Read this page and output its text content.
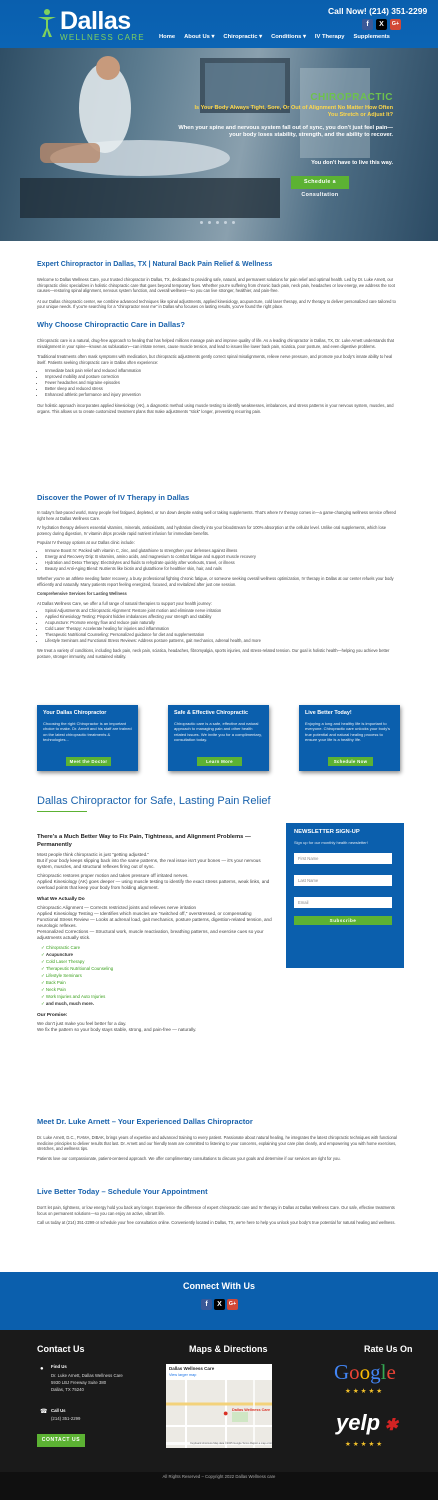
Dallas
WELLNESS CARE
Call Now! (214) 351-2299
f	X	G+
Home About Us ▾ Chiropractic ▾ Conditions ▾ IV Therapy Supplements
CHIROPRACTIC
Is Your Body Always Tight, Sore, Or Out of Alignment No Matter How Often You Stretch or Adjust It?
When your spine and nervous system fall out of sync, you don't just feel pain—your body loses stability, strength, and the ability to recover.
You don't have to live this way.
Schedule a Consultation
Expert Chiropractor in Dallas, TX | Natural Back Pain Relief & Wellness
Welcome to Dallas Wellness Care, your trusted chiropractor in Dallas, TX, dedicated to providing safe, natural, and permanent solutions for pain relief and optimal health. Led by Dr. Luke Arnett, our chiropractic clinic specializes in holistic chiropractic care that goes beyond temporary fixes. Whether you're suffering from chronic back pain, neck pain, headaches or low energy, we address the root causes—restoring spinal alignment, nervous system function, and overall wellness—so you can live stronger, healthier, and pain-free.
At our Dallas chiropractic center, we combine advanced techniques like spinal adjustments, applied kinesiology, acupuncture, cold laser therapy, and IV therapy to deliver personalized care tailored to your unique needs. If you're searching for a "chiropractor near me" in Dallas who focuses on lasting results, you've found the right place.
Why Choose Chiropractic Care in Dallas?
Chiropractic care is a natural, drug-free approach to healing that has helped millions manage pain and improve quality of life. As a leading chiropractor in Dallas, TX, Dr. Luke Arnett understands that misalignment in your spine—known as subluxation—can irritate nerves, cause muscle tension, and lead to issues like lower back pain, sciatica, poor posture, and even digestive problems.
Traditional treatments often mask symptoms with medication, but chiropractic adjustments gently correct spinal misalignments, relieve nerve pressure, and promote your body's innate ability to heal itself. Patients seeking chiropractic care in Dallas often experience:
• Immediate back pain relief and reduced inflammation
• Improved mobility and posture correction
• Fewer headaches and migraine episodes
• Better sleep and reduced stress
• Enhanced athletic performance and injury prevention
Our holistic approach incorporates applied kinesiology (AK), a diagnostic method using muscle testing to identify weaknesses, imbalances, and stress patterns in your nervous system, muscles, and organs. This allows us to create customized treatment plans that make adjustments "stick" longer, preventing recurring pain.
Discover the Power of IV Therapy in Dallas
In today's fast-paced world, many people feel fatigued, depleted, or run down despite eating well or taking supplements. That's where IV therapy comes in—a game-changing wellness service offered right here at Dallas Wellness Care.
IV hydration therapy delivers essential vitamins, minerals, antioxidants, and hydration directly into your bloodstream for 100% absorption at the cellular level. Unlike oral supplements, which lose potency during digestion, IV vitamin drips provide rapid nutrient infusion for immediate benefits.
Popular IV therapy options at our Dallas clinic include:
• Immune Boost IV: Packed with vitamin C, zinc, and glutathione to strengthen your defenses against illness
• Energy and Recovery Drip: B vitamins, amino acids, and magnesium to combat fatigue and support muscle recovery
• Hydration and Detox Therapy: Electrolytes and fluids to rehydrate quickly after workouts, travel, or illness
• Beauty and Anti-Aging Blend: Nutrients like biotin and glutathione for healthier skin, hair, and nails
Whether you're an athlete needing faster recovery, a busy professional fighting chronic fatigue, or someone seeking overall wellness optimization, IV therapy in Dallas at our center refuels your body efficiently and naturally. Many patients report feeling energized, focused, and revitalized after just one session.
Comprehensive Services for Lasting Wellness
At Dallas Wellness Care, we offer a full range of natural therapies to support your health journey:
• Spinal Adjustments and Chiropractic Alignment: Restore joint motion and eliminate nerve irritation
• Applied Kinesiology Testing: Pinpoint hidden imbalances affecting your strength and stability
• Acupuncture: Promote energy flow and reduce pain naturally
• Cold Laser Therapy: Accelerate healing for injuries and inflammation
• Therapeutic Nutritional Counseling: Personalized guidance for diet and supplementation
• Lifestyle Seminars and Functional Stress Reviews: Address posture patterns, gait mechanics, adrenal health, and more
We treat a variety of conditions, including back pain, neck pain, sciatica, headaches, fibromyalgia, sports injuries, and stress-related tension. Our goal is holistic health—helping you achieve better posture, stronger immunity, and sustained vitality.
Your Dallas Chiropractor
Choosing the right Chiropractor is an important choice to make. Dr. Arnett and his staff are trained on the latest chiropractic treatments & technologies...
Meet the Doctor
Safe & Effective Chiropractic
Chiropractic care is a safe, effective and natural approach to managing pain and other health related issues. We invite you for a complimentary, consultation today.
Learn More
Live Better Today!
Enjoying a long and healthy life is important to everyone. Chiropractic care unlocks your body's true potential and natural healing process to ensure your life is a healthy life.
Schedule Now
Dallas Chiropractor for Safe, Lasting Pain Relief
There's a Much Better Way to Fix Pain, Tightness, and Alignment Problems — Permanently
Most people think chiropractic is just "getting adjusted."
But if your body keeps slipping back into the same patterns, the real issue isn't your bones — it's your nervous system, muscles, and structural reflexes firing out of sync.
Chiropractic restores proper motion and takes pressure off irritated nerves.
Applied Kinesiology (AK) goes deeper — using muscle testing to identify the exact stress patterns, weak links, and overload points that keep your body from holding alignment.
What We Actually Do
Chiropractic Alignment — Corrects restricted joints and relieves nerve irritation
Applied Kinesiology Testing — Identifies which muscles are "switched off," overstressed, or compensating
Functional Stress Review — Looks at adrenal load, gait mechanics, posture patterns, digestion-related tension, and neurologic reflexes.
Personalized Corrections — Structural work, muscle reactivation, breathing patterns, and exercise cues so your adjustments actually stick.
✓ Chiropractic Care
✓ Acupuncture
✓ Cold Laser Therapy
✓ Therapeutic Nutritional Counseling
✓ Lifestyle Seminars
✓ Back Pain
✓ Neck Pain
✓ Work Injuries and Auto Injuries
✓ and much, much more.
Our Promise:
We don't just make you feel better for a day.
We fix the pattern so your body stays stable, strong, and pain-free — naturally.
NEWSLETTER SIGN-UP
Sign up for our monthly health newsletter!
First Name
Last Name
Email
Subscribe
Meet Dr. Luke Arnett – Your Experienced Dallas Chiropractor
Dr. Luke Arnett, D.C., FIAMA, DIBAK, brings years of expertise and advanced training to every patient. Passionate about natural healing, he integrates the latest chiropractic techniques with functional medicine principles to deliver results that last. Dr. Arnett and our friendly team are committed to listening to your concerns, explaining your care plan clearly, and empowering you with home exercises, stretches, and wellness tips.
Patients love our compassionate, patient-centered approach. We offer complimentary consultations to discuss your goals and determine if our services are right for you.
Live Better Today – Schedule Your Appointment
Don't let pain, tightness, or low energy hold you back any longer. Experience the difference of expert chiropractic care and IV therapy in Dallas at Dallas Wellness Care. Our safe, effective treatments focus on permanent solutions—so you can enjoy an active, vibrant life.
Call us today at (214) 351-2299 or schedule your free consultation online. Conveniently located in Dallas, TX, we're here to help you unlock your body's true potential for natural healing and wellness.
Connect With Us
f	X	G+
Contact Us
● Find Us
Dr. Luke Arnett, Dallas Wellness Care
5930 LBJ Freeway Suite 380
Dallas, TX 75240
☎ Call Us
(214) 351-2299
CONTACT US
Maps & Directions
Dallas Wellness Care
View larger map
● Dallas Wellness Care
Keyboard shortcuts Map data ©2025 Google Terms Report a map error
Rate Us On
Google
★★★★★
yelp ✱
★★★★★
All Rights Reserved – Copyright 2022 Dallas Wellness care
